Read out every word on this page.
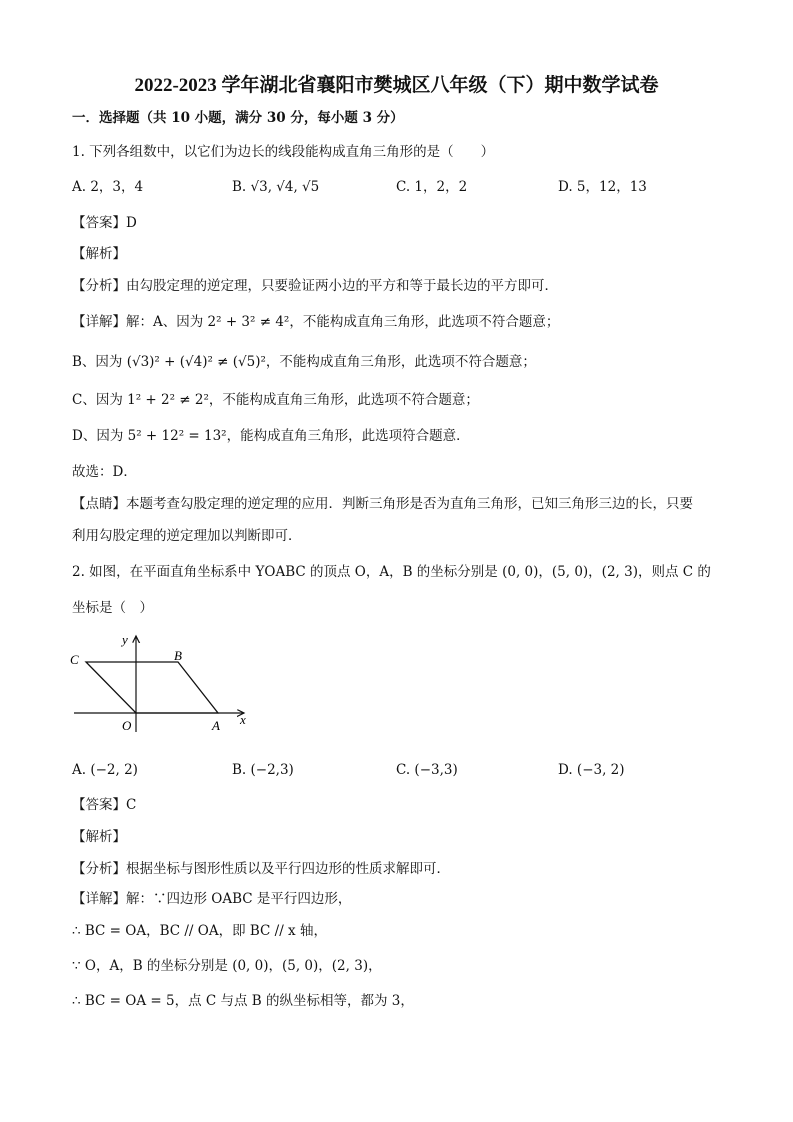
2022-2023 学年湖北省襄阳市樊城区八年级（下）期中数学试卷
一．选择题（共 10 小题，满分 30 分，每小题 3 分）
1. 下列各组数中，以它们为边长的线段能构成直角三角形的是（　　）
A. 2，3，4	B. √3, √4, √5	C. 1，2，2	D. 5，12，13
【答案】D
【解析】
【分析】由勾股定理的逆定理，只要验证两小边的平方和等于最长边的平方即可．
【详解】解：A、因为 2² + 3² ≠ 4²，不能构成直角三角形，此选项不符合题意；
B、因为 (√3)² + (√4)² ≠ (√5)²，不能构成直角三角形，此选项不符合题意；
C、因为 1² + 2² ≠ 2²，不能构成直角三角形，此选项不符合题意；
D、因为 5² + 12² = 13²，能构成直角三角形，此选项符合题意．
故选：D．
【点睛】本题考查勾股定理的逆定理的应用．判断三角形是否为直角三角形，已知三角形三边的长，只要
利用勾股定理的逆定理加以判断即可．
2. 如图，在平面直角坐标系中 YOABC 的顶点 O，A，B 的坐标分别是 (0, 0)，(5, 0)，(2, 3)，则点 C 的
坐标是（　）
C	B
O	A x
y
A. (−2, 2)	B. (−2,3)	C. (−3,3)	D. (−3, 2)
【答案】C
【解析】
【分析】根据坐标与图形性质以及平行四边形的性质求解即可．
【详解】解：∵四边形 OABC 是平行四边形，
∴ BC = OA，BC // OA，即 BC // x 轴，
∵ O，A，B 的坐标分别是 (0, 0)，(5, 0)，(2, 3)，
∴ BC = OA = 5，点 C 与点 B 的纵坐标相等，都为 3，
